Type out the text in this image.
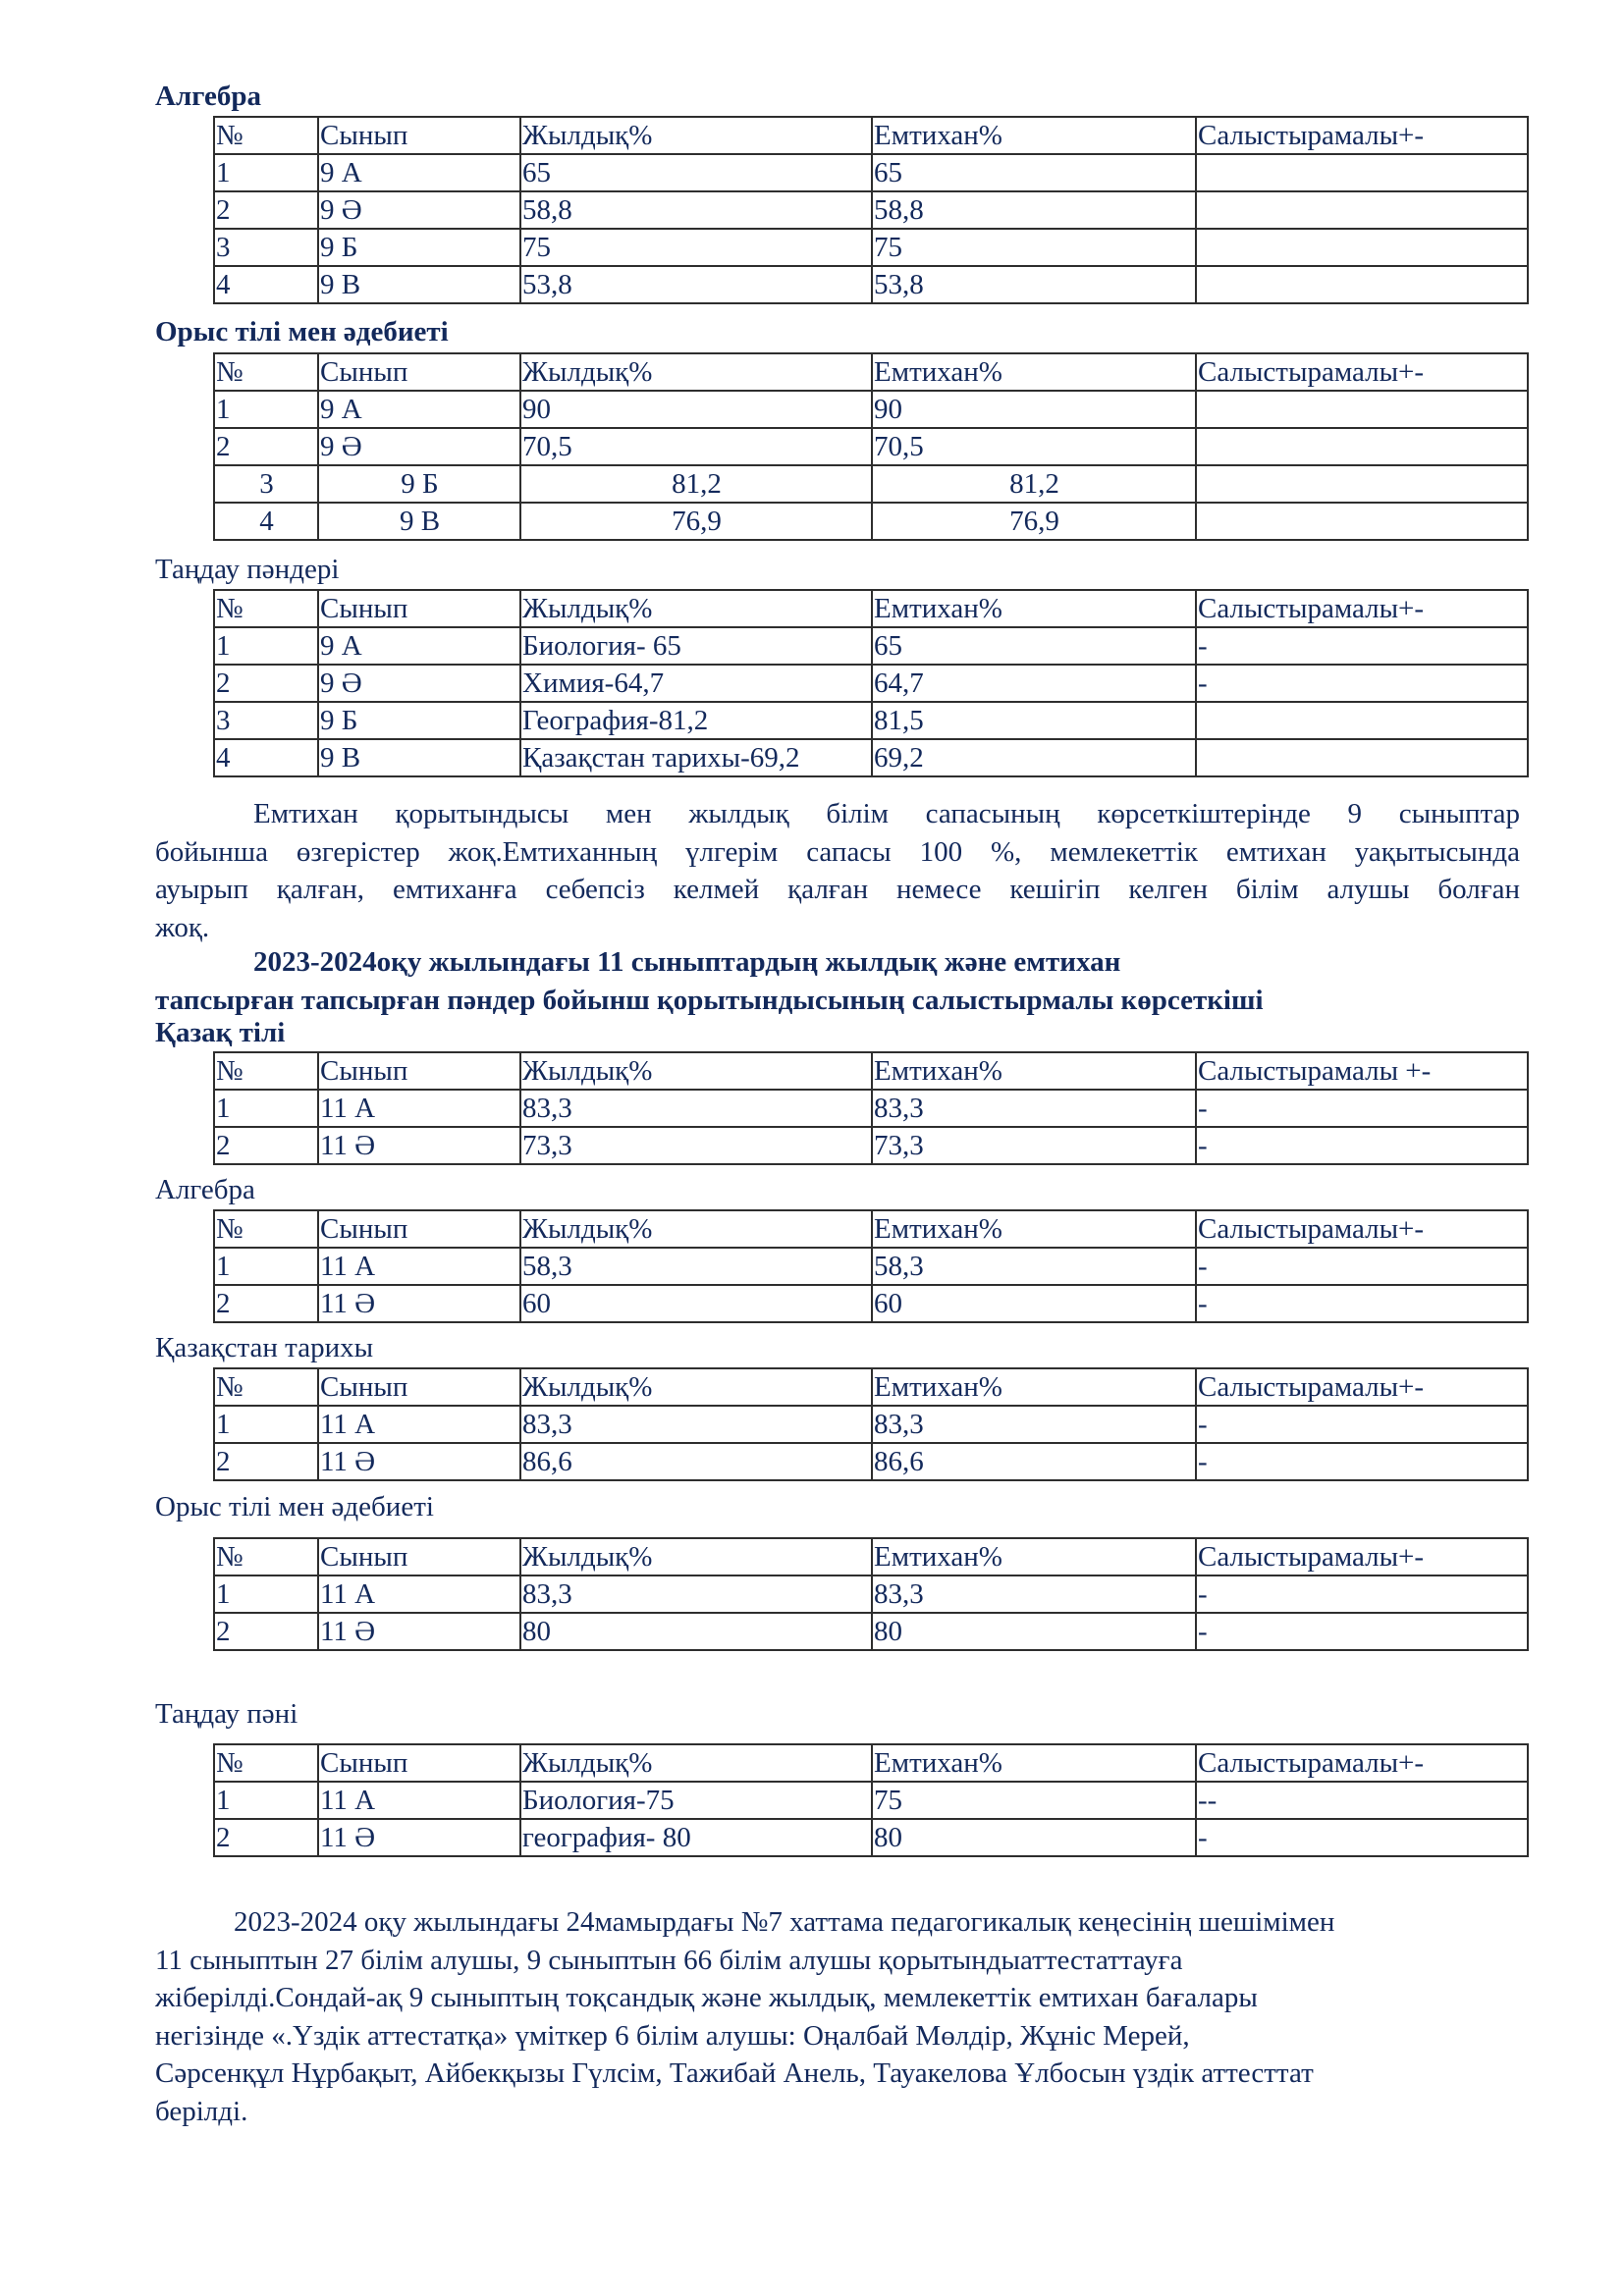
Алгебра
№	Сынып	Жылдық%	Емтихан%	Салыстырамалы+-
1	9 А	65	65	
2	9 Ә	58,8	58,8	
3	9 Б	75	75	
4	9 В	53,8	53,8	
Орыс тілі мен әдебиеті
№	Сынып	Жылдық%	Емтихан%	Салыстырамалы+-
1	9 А	90	90	
2	9 Ә	70,5	70,5	
3	9 Б	81,2	81,2	
4	9 В	76,9	76,9	
Таңдау пәндері
№	Сынып	Жылдық%	Емтихан%	Салыстырамалы+-
1	9 А	Биология- 65	65	-
2	9 Ә	Химия-64,7	64,7	-
3	9 Б	География-81,2	81,5	
4	9 В	Қазақстан тарихы-69,2	69,2	
Емтихан қорытындысы мен жылдық білім сапасының көрсеткіштерінде 9 сыныптар
бойынша өзгерістер жоқ.Емтиханның үлгерім сапасы 100 %, мемлекеттік емтихан уақытысында
ауырып қалған, емтиханға себепсіз келмей қалған немесе кешігіп келген білім алушы болған
жоқ.
2023-2024оқу жылындағы 11 сыныптардың жылдық және емтихан
тапсырған тапсырған пәндер бойынш қорытындысының салыстырмалы көрсеткіші
Қазақ тілі
№	Сынып	Жылдық%	Емтихан%	Салыстырамалы +-
1	11 А	83,3	83,3	-
2	11 Ә	73,3	73,3	-
Алгебра
№	Сынып	Жылдық%	Емтихан%	Салыстырамалы+-
1	11 А	58,3	58,3	-
2	11 Ә	60	60	-
Қазақстан тарихы
№	Сынып	Жылдық%	Емтихан%	Салыстырамалы+-
1	11 А	83,3	83,3	-
2	11 Ә	86,6	86,6	-
Орыс тілі мен әдебиеті
№	Сынып	Жылдық%	Емтихан%	Салыстырамалы+-
1	11 А	83,3	83,3	-
2	11 Ә	80	80	-
Таңдау пәні
№	Сынып	Жылдық%	Емтихан%	Салыстырамалы+-
1	11 А	Биология-75	75	--
2	11 Ә	география- 80	80	-
2023-2024 оқу жылындағы 24мамырдағы №7 хаттама педагогикалық кеңесінің шешімімен
11 сыныптын 27 білім алушы, 9 сыныптын 66 білім алушы қорытындыаттестаттауға
жіберілді.Сондай-ақ 9 сыныптың тоқсандық және жылдық, мемлекеттік емтихан бағалары
негізінде «.Үздік аттестатқа» үміткер 6 білім алушы: Оңалбай Мөлдір, Жұніс Мерей,
Сәрсенқұл Нұрбақыт, Айбекқызы Гүлсім, Тажибай Анель, Тауакелова Ұлбосын үздік аттесттат
берілді.
